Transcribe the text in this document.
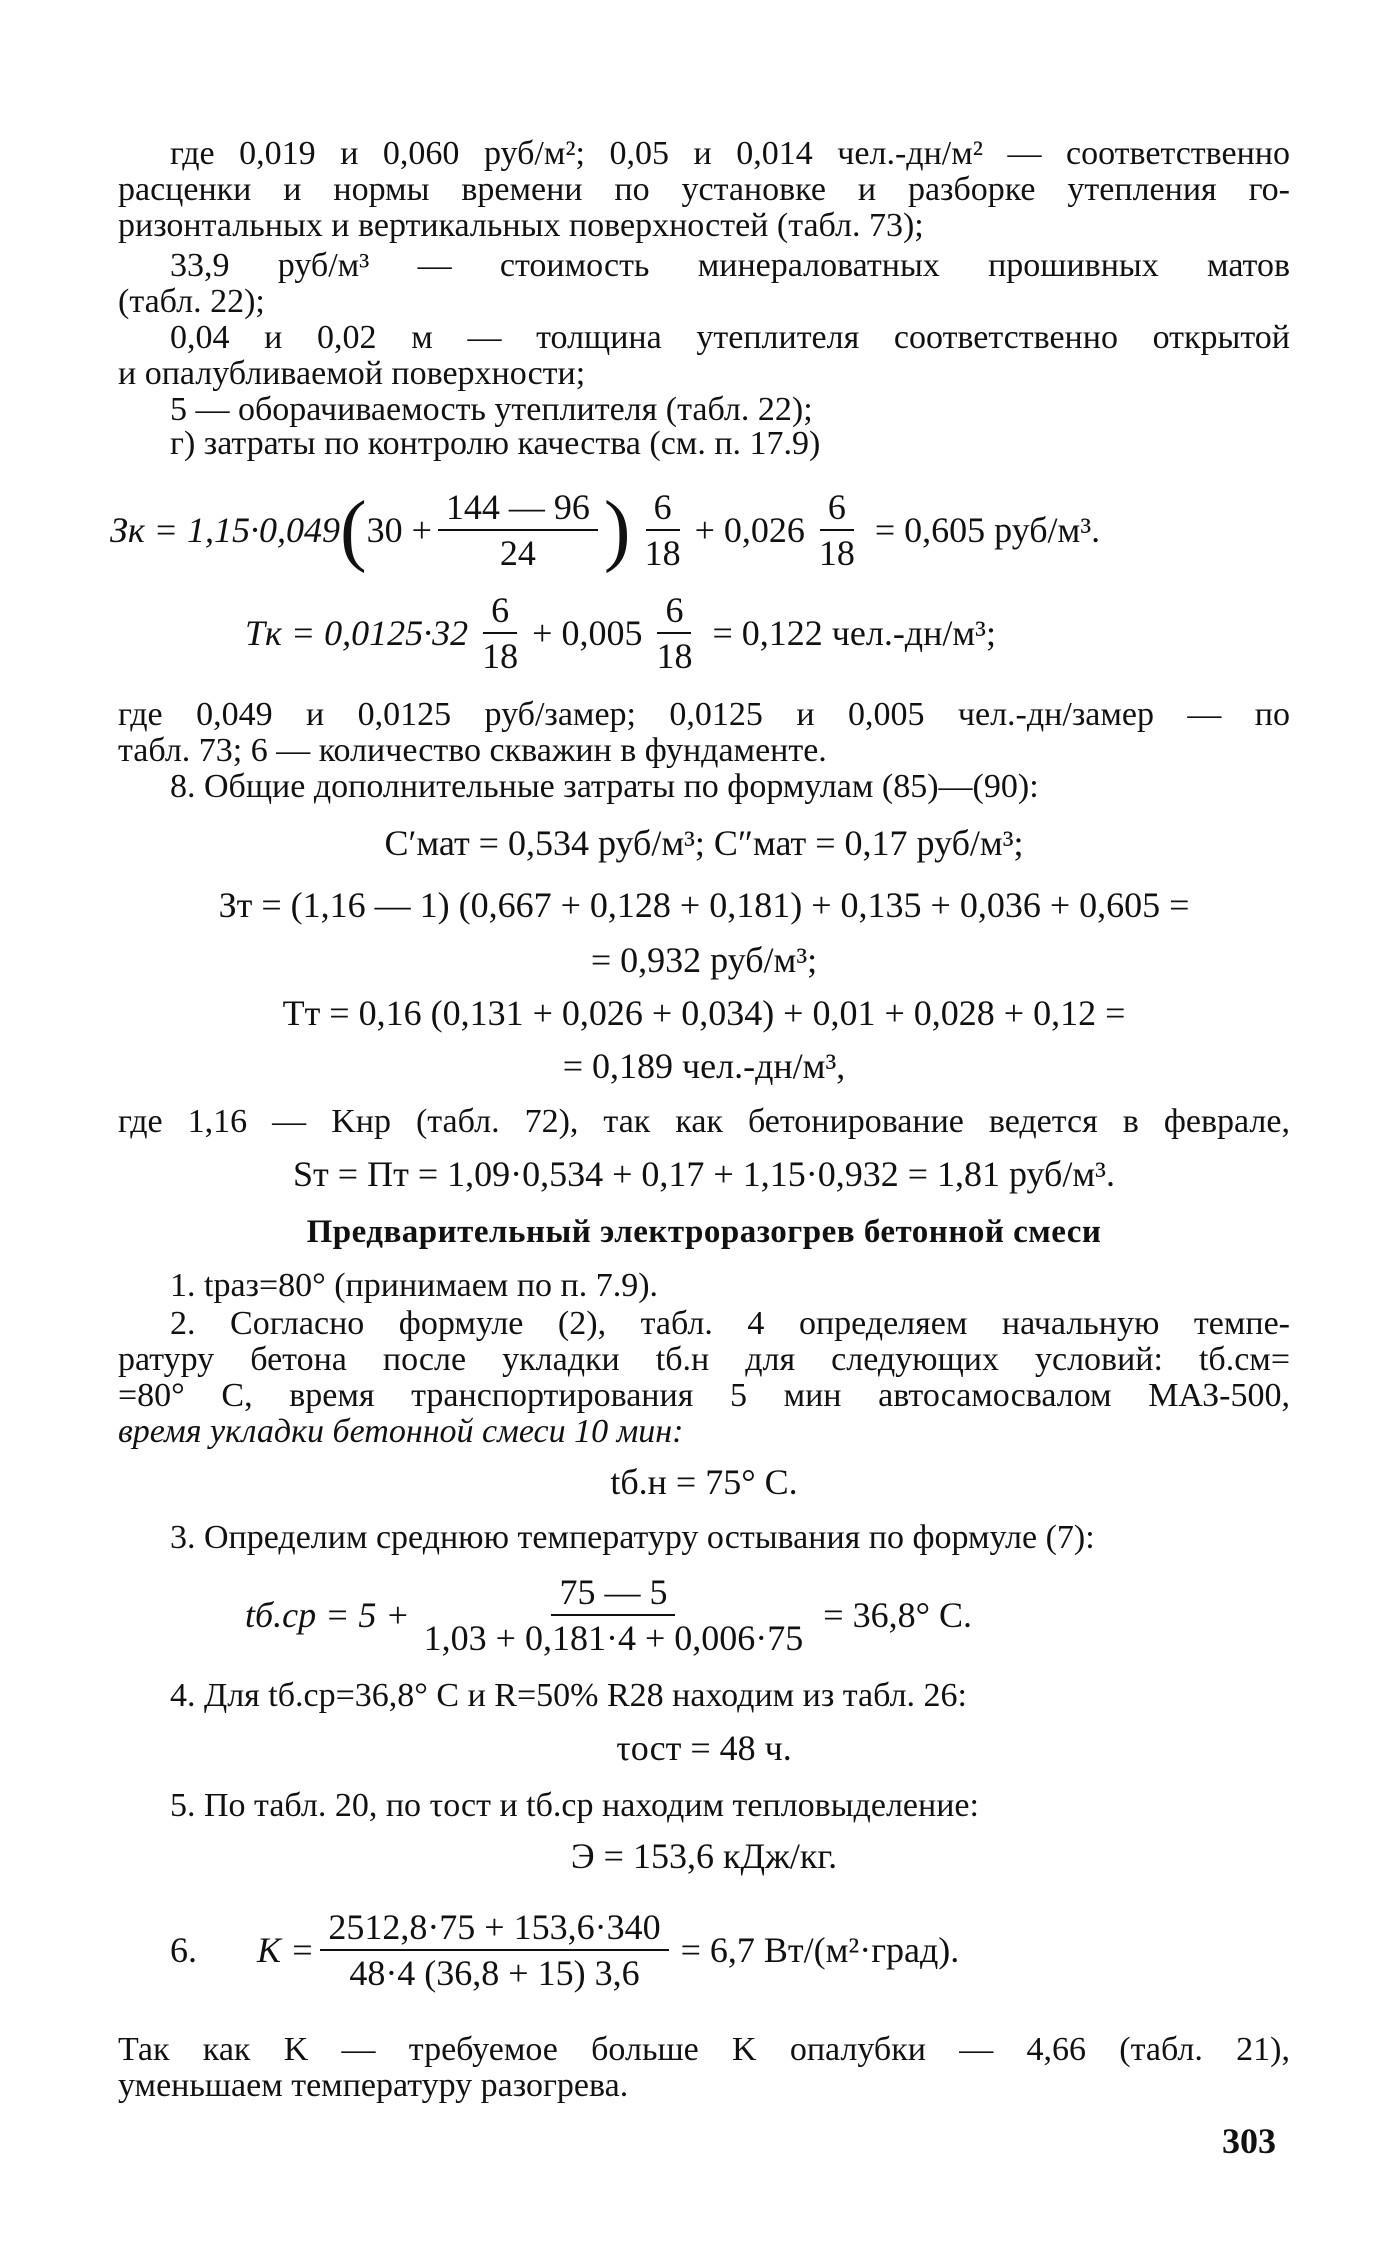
где 0,019 и 0,060 руб/м²; 0,05 и 0,014 чел.-дн/м² — соответственно
расценки и нормы времени по установке и разборке утепления го-
ризонтальных и вертикальных поверхностей (табл. 73);
33,9 руб/м³ — стоимость минераловатных прошивных матов
(табл. 22);
0,04 и 0,02 м — толщина утеплителя соответственно открытой
и опалубливаемой поверхности;
5 — оборачиваемость утеплителя (табл. 22);
г) затраты по контролю качества (см. п. 17.9)
Зк = 1,15·0,049 ( $30 + \frac{144 — 96}{24}$ ) $\frac{6}{18} + 0,026 \frac{6}{18} = 0,605$ руб/м³.
Tк = $0,0125\cdot 32 \frac{6}{18} + 0,005 \frac{6}{18} = 0,122$ чел.-дн/м³;
где 0,049 и 0,0125 руб/замер; 0,0125 и 0,005 чел.-дн/замер — по
табл. 73; 6 — количество скважин в фундаменте.
8. Общие дополнительные затраты по формулам (85)—(90):
C′мат = 0,534 руб/м³; C″мат = 0,17 руб/м³;
Зт = (1,16 — 1) (0,667 + 0,128 + 0,181) + 0,135 + 0,036 + 0,605 =
= 0,932 руб/м³;
Tт = 0,16 (0,131 + 0,026 + 0,034) + 0,01 + 0,028 + 0,12 =
= 0,189 чел.-дн/м³,
где 1,16 — Kнр (табл. 72), так как бетонирование ведется в феврале,
Sт = Пт = 1,09·0,534 + 0,17 + 1,15·0,932 = 1,81 руб/м³.
Предварительный электроразогрев бетонной смеси
1. tраз=80° (принимаем по п. 7.9).
2. Согласно формуле (2), табл. 4 определяем начальную темпе-
ратуру бетона после укладки tб.н для следующих условий: tб.см=
=80° С, время транспортирования 5 мин автосамосвалом МАЗ-500,
время укладки бетонной смеси 10 мин:
tб.н = 75° С.
3. Определим среднюю температуру остывания по формуле (7):
$tб.ср = 5 + \frac{75 — 5}{1,03 + 0,181\cdot 4 + 0,006\cdot 75} = 36,8^\circ$ С.
4. Для tб.ср=36,8° С и R=50% R28 находим из табл. 26:
τост = 48 ч.
5. По табл. 20, по τост и tб.ср находим тепловыделение:
Э = 153,6 кДж/кг.
6. $K = \frac{2512,8\cdot 75 + 153,6\cdot 340}{48\cdot 4 (36,8 + 15) 3,6} = 6,7$ Вт/(м²·град).
Так как K — требуемое больше K опалубки — 4,66 (табл. 21),
уменьшаем температуру разогрева.
303
